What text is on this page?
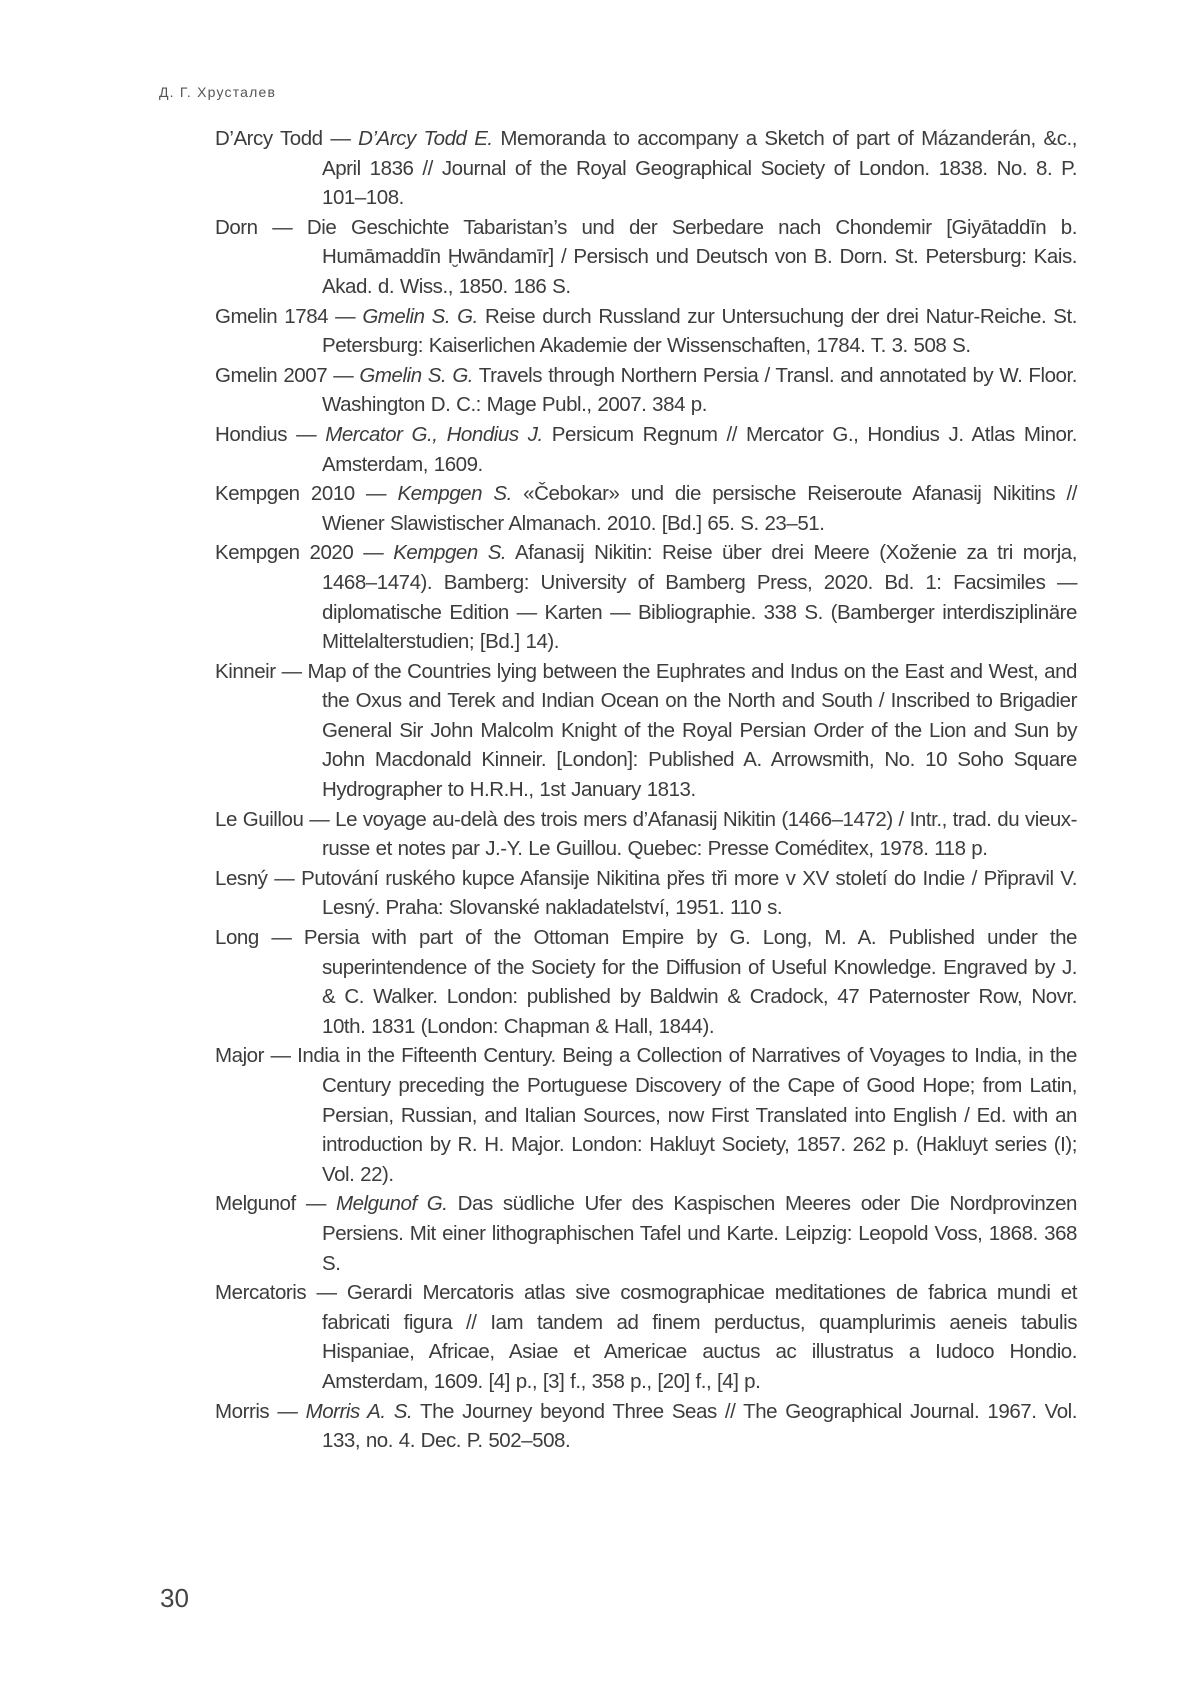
Д. Г. Хрусталев
D’Arcy Todd — D’Arcy Todd E. Memoranda to accompany a Sketch of part of Mázanderán, &c., April 1836 // Journal of the Royal Geographical Society of London. 1838. No. 8. P. 101–108.
Dorn — Die Geschichte Tabaristan’s und der Serbedare nach Chondemir [Giyātaddīn b. Humāmaddīn Ḫwāndamīr] / Persisch und Deutsch von B. Dorn. St. Petersburg: Kais. Akad. d. Wiss., 1850. 186 S.
Gmelin 1784 — Gmelin S. G. Reise durch Russland zur Untersuchung der drei Natur-Reiche. St. Petersburg: Kaiserlichen Akademie der Wissenschaften, 1784. T. 3. 508 S.
Gmelin 2007 — Gmelin S. G. Travels through Northern Persia / Transl. and annotated by W. Floor. Washington D. C.: Mage Publ., 2007. 384 p.
Hondius — Mercator G., Hondius J. Persicum Regnum // Mercator G., Hondius J. Atlas Minor. Amsterdam, 1609.
Kempgen 2010 — Kempgen S. «Čebokar» und die persische Reiseroute Afanasij Nikitins // Wiener Slawistischer Almanach. 2010. [Bd.] 65. S. 23–51.
Kempgen 2020 — Kempgen S. Afanasij Nikitin: Reise über drei Meere (Xoženie za tri morja, 1468–1474). Bamberg: University of Bamberg Press, 2020. Bd. 1: Facsimiles — diplomatische Edition — Karten — Bibliographie. 338 S. (Bamberger interdisziplinäre Mittelalterstudien; [Bd.] 14).
Kinneir — Map of the Countries lying between the Euphrates and Indus on the East and West, and the Oxus and Terek and Indian Ocean on the North and South / Inscribed to Brigadier General Sir John Malcolm Knight of the Royal Persian Order of the Lion and Sun by John Macdonald Kinneir. [London]: Published A. Arrowsmith, No. 10 Soho Square Hydrographer to H.R.H., 1st January 1813.
Le Guillou — Le voyage au-delà des trois mers d’Afanasij Nikitin (1466–1472) / Intr., trad. du vieux-russe et notes par J.-Y. Le Guillou. Quebec: Presse Coméditex, 1978. 118 p.
Lesný — Putování ruského kupce Afansije Nikitina přes tři more v XV století do Indie / Připravil V. Lesný. Praha: Slovanské nakladatelství, 1951. 110 s.
Long — Persia with part of the Ottoman Empire by G. Long, M. A. Published under the superintendence of the Society for the Diffusion of Useful Knowledge. Engraved by J. & C. Walker. London: published by Baldwin & Cradock, 47 Paternoster Row, Novr. 10th. 1831 (London: Chapman & Hall, 1844).
Major — India in the Fifteenth Century. Being a Collection of Narratives of Voyages to India, in the Century preceding the Portuguese Discovery of the Cape of Good Hope; from Latin, Persian, Russian, and Italian Sources, now First Translated into English / Ed. with an introduction by R. H. Major. London: Hakluyt Society, 1857. 262 p. (Hakluyt series (I); Vol. 22).
Melgunof — Melgunof G. Das südliche Ufer des Kaspischen Meeres oder Die Nordprovinzen Persiens. Mit einer lithographischen Tafel und Karte. Leipzig: Leopold Voss, 1868. 368 S.
Mercatoris — Gerardi Mercatoris atlas sive cosmographicae meditationes de fabrica mundi et fabricati figura // Iam tandem ad finem perductus, quamplurimis aeneis tabulis Hispaniae, Africae, Asiae et Americae auctus ac illustratus a Iudoco Hondio. Amsterdam, 1609. [4] p., [3] f., 358 p., [20] f., [4] p.
Morris — Morris A. S. The Journey beyond Three Seas // The Geographical Journal. 1967. Vol. 133, no. 4. Dec. P. 502–508.
30
